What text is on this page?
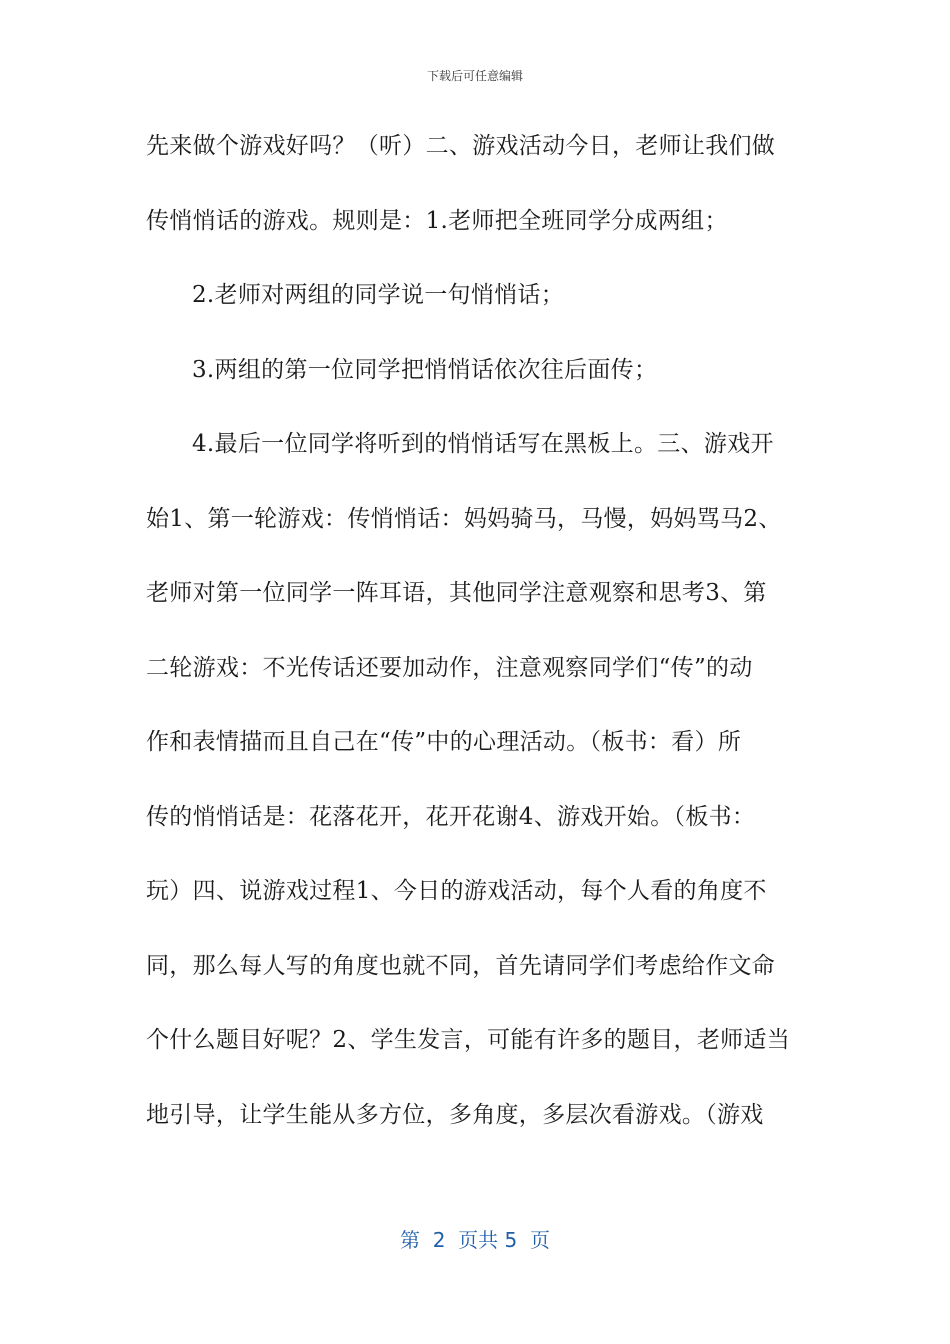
下载后可任意编辑
先来做个游戏好吗？（听）二、游戏活动今日，老师让我们做
传悄悄话的游戏。规则是：1.老师把全班同学分成两组；
2.老师对两组的同学说一句悄悄话；
3.两组的第一位同学把悄悄话依次往后面传；
4.最后一位同学将听到的悄悄话写在黑板上。三、游戏开
始1、第一轮游戏：传悄悄话：妈妈骑马，马慢，妈妈骂马2、
老师对第一位同学一阵耳语，其他同学注意观察和思考3、第
二轮游戏：不光传话还要加动作，注意观察同学们“传”的动
作和表情描而且自己在“传”中的心理活动。（板书：看）所
传的悄悄话是：花落花开，花开花谢4、游戏开始。（板书：
玩）四、说游戏过程1、今日的游戏活动，每个人看的角度不
同，那么每人写的角度也就不同，首先请同学们考虑给作文命
个什么题目好呢？2、学生发言，可能有许多的题目，老师适当
地引导，让学生能从多方位，多角度，多层次看游戏。（游戏
第  2  页共 5  页
